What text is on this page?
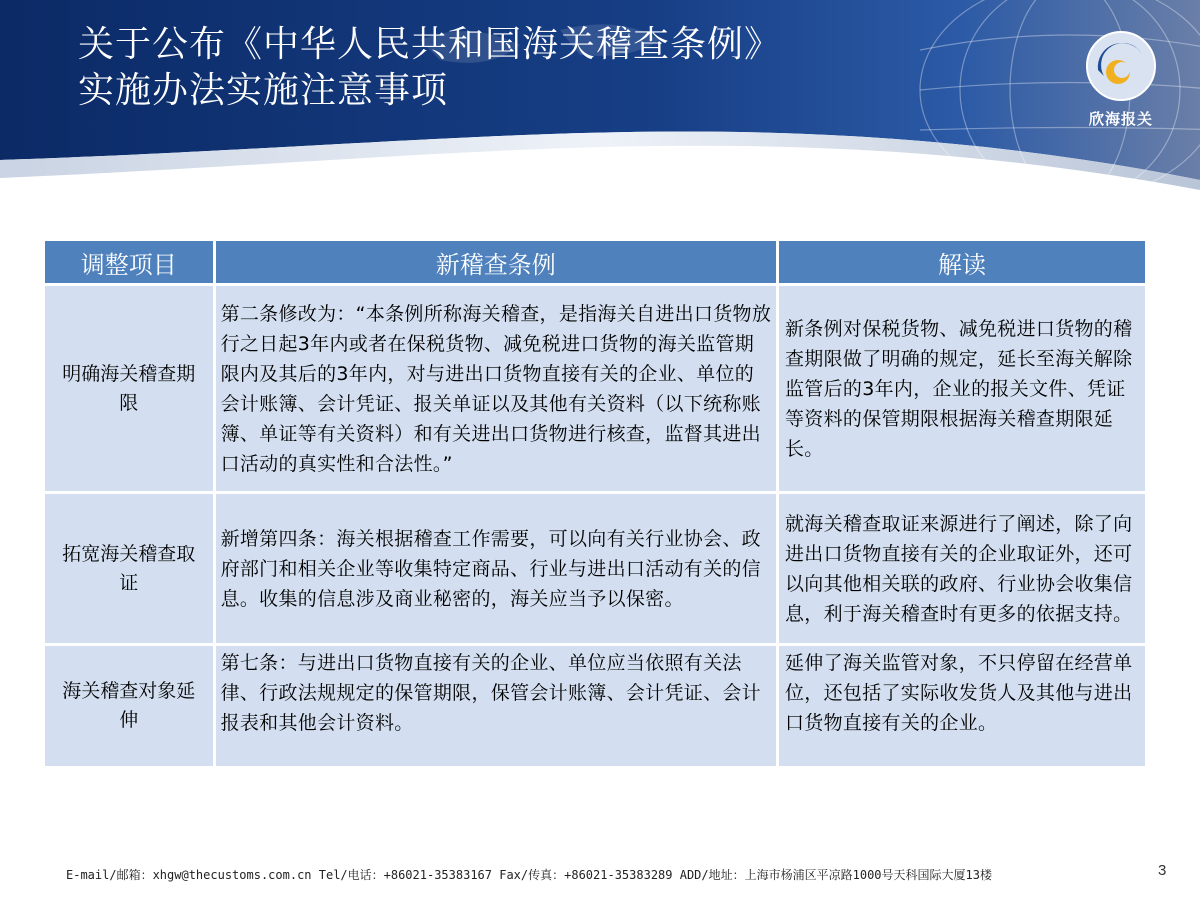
关于公布《中华人民共和国海关稽查条例》
实施办法实施注意事项
欣海报关
调整项目	新稽查条例	解读
明确海关稽查期限	第二条修改为：“本条例所称海关稽查，是指海关自进出口货物放行之日起3年内或者在保税货物、减免税进口货物的海关监管期限内及其后的3年内，对与进出口货物直接有关的企业、单位的会计账簿、会计凭证、报关单证以及其他有关资料（以下统称账簿、单证等有关资料）和有关进出口货物进行核查，监督其进出口活动的真实性和合法性。”	新条例对保税货物、减免税进口货物的稽查期限做了明确的规定，延长至海关解除监管后的3年内，企业的报关文件、凭证等资料的保管期限根据海关稽查期限延长。
拓宽海关稽查取证	新增第四条：海关根据稽查工作需要，可以向有关行业协会、政府部门和相关企业等收集特定商品、行业与进出口活动有关的信息。收集的信息涉及商业秘密的，海关应当予以保密。	就海关稽查取证来源进行了阐述，除了向进出口货物直接有关的企业取证外，还可以向其他相关联的政府、行业协会收集信息，利于海关稽查时有更多的依据支持。
海关稽查对象延伸	第七条：与进出口货物直接有关的企业、单位应当依照有关法律、行政法规规定的保管期限，保管会计账簿、会计凭证、会计报表和其他会计资料。	延伸了海关监管对象，不只停留在经营单位，还包括了实际收发货人及其他与进出口货物直接有关的企业。
E-mail/邮箱：xhgw@thecustoms.com.cn Tel/电话：+86021-35383167 Fax/传真：+86021-35383289 ADD/地址：上海市杨浦区平凉路1000号天科国际大厦13楼	3
